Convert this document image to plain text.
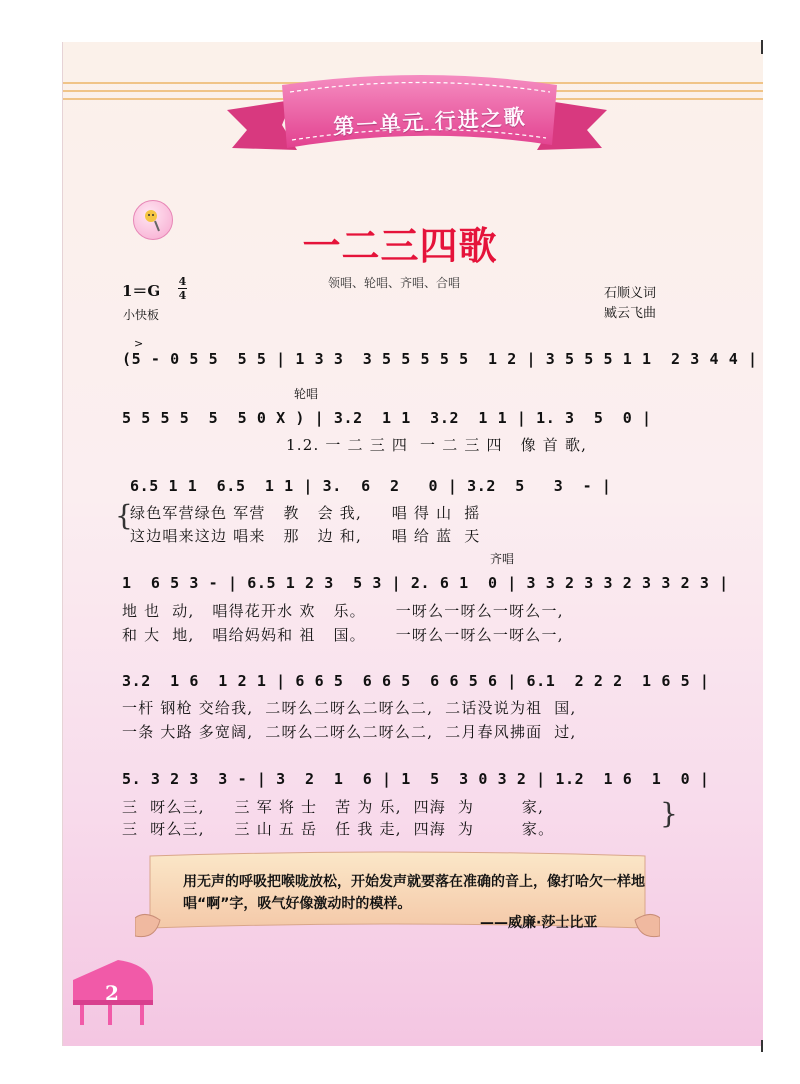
第一单元 行进之歌
一二三四歌
1＝G
4
4
小快板
领唱、轮唱、齐唱、合唱
石顺义词
臧云飞曲
>
(5 - 0 5 5  5 5 | 1 3 3  3 5 5 5 5 5  1 2 | 3 5 5 5 1 1  2 3 4 4 |
轮唱
5 5 5 5  5  5 0 X ) | 3.2  1 1  3.2  1 1 | 1. 3  5  0 |
1.2. 一 二 三 四  一 二 三 四   像 首 歌,
6.5 1 1  6.5  1 1 | 3.  6  2   0 | 3.2  5   3  - |
{
绿色军营绿色 军营   教   会 我,     唱 得 山  摇
这边唱来这边 唱来   那   边 和,     唱 给 蓝  天
齐唱
1  6 5 3 - | 6.5 1 2 3  5 3 | 2. 6 1  0 | 3 3 2 3 3 2 3 3 2 3 |
地 也  动,   唱得花开水 欢   乐。     一呀么一呀么一呀么一,
和 大  地,   唱给妈妈和 祖   国。     一呀么一呀么一呀么一,
3.2  1 6  1 2 1 | 6 6 5  6 6 5  6 6 5 6 | 6.1  2 2 2  1 6 5 |
一杆 钢枪 交给我,  二呀么二呀么二呀么二,  二话没说为祖  国,
一条 大路 多宽阔,  二呀么二呀么二呀么二,  二月春风拂面  过,
5. 3 2 3  3 - | 3  2  1  6 | 1  5  3 0 3 2 | 1.2  1 6  1  0 |
三  呀么三,     三 军 将 士   苦 为 乐,  四海  为        家,
三  呀么三,     三 山 五 岳   任 我 走,  四海  为        家。	}

用无声的呼吸把喉咙放松，开始发声就要落在准确的音上，像打哈欠一样地唱“啊”字，吸气好像激动时的模样。

——威廉·莎士比亚
2
